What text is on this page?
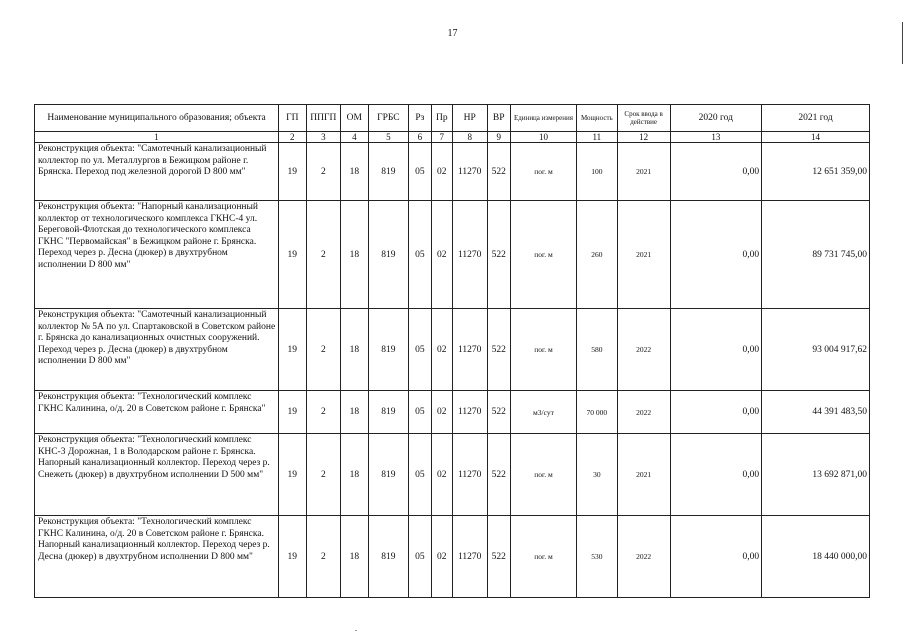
17
Наименование муниципального образования; объекта	ГП	ППГП	ОМ	ГРБС	Рз	Пр	НР	ВР	Единица измерения	Мощность	Срок ввода в действие	2020 год	2021 год
1	2	3	4	5	6	7	8	9	10	11	12	13	14
Реконструкция объекта: "Самотечный канализационный коллектор по ул. Металлургов в Бежицком районе г. Брянска. Переход под железной дорогой D 800 мм"	19	2	18	819	05	02	11270	522	пог. м	100	2021	0,00	12 651 359,00
Реконструкция объекта: "Напорный канализационный коллектор от технологического комплекса ГКНС-4 ул. Береговой-Флотская до технологического комплекса ГКНС "Первомайская" в Бежицком районе г. Брянска. Переход через р. Десна (дюкер) в двухтрубном исполнении D 800 мм"	19	2	18	819	05	02	11270	522	пог. м	260	2021	0,00	89 731 745,00
Реконструкция объекта: "Самотечный канализационный коллектор № 5А по ул. Спартаковской в Советском районе г. Брянска до канализационных очистных сооружений. Переход через р. Десна (дюкер) в двухтрубном исполнении D 800 мм"	19	2	18	819	05	02	11270	522	пог. м	580	2022	0,00	93 004 917,62
Реконструкция объекта: "Технологический комплекс ГКНС Калинина, о/д. 20 в Советском районе г. Брянска"	19	2	18	819	05	02	11270	522	м3/сут	70 000	2022	0,00	44 391 483,50
Реконструкция объекта: "Технологический комплекс КНС-3 Дорожная, 1 в Володарском районе г. Брянска. Напорный канализационный коллектор. Переход через р. Снежеть (дюкер) в двухтрубном исполнении D 500 мм"	19	2	18	819	05	02	11270	522	пог. м	30	2021	0,00	13 692 871,00
Реконструкция объекта: "Технологический комплекс ГКНС Калинина, о/д. 20 в Советском районе г. Брянска. Напорный канализационный коллектор. Переход через р. Десна (дюкер) в двухтрубном исполнении D 800 мм"	19	2	18	819	05	02	11270	522	пог. м	530	2022	0,00	18 440 000,00
